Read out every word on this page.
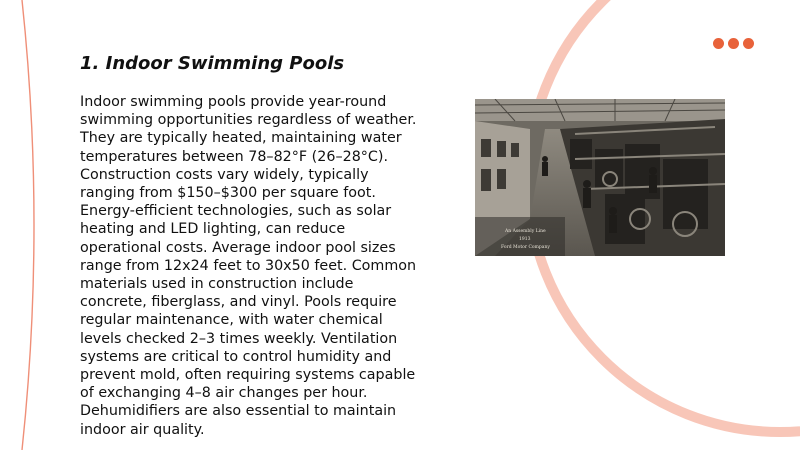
1. Indoor Swimming Pools

Indoor swimming pools provide year-round swimming opportunities regardless of weather. They are typically heated, maintaining water temperatures between 78–82°F (26–28°C). Construction costs vary widely, typically ranging from $150–$300 per square foot. Energy-efficient technologies, such as solar heating and LED lighting, can reduce operational costs. Average indoor pool sizes range from 12x24 feet to 30x50 feet. Common materials used in construction include concrete, fiberglass, and vinyl. Pools require regular maintenance, with water chemical levels checked 2–3 times weekly. Ventilation systems are critical to control humidity and prevent mold, often requiring systems capable of exchanging 4–8 air changes per hour. Dehumidifiers are also essential to maintain indoor air quality.

An Assembly Line
1913
Ford Motor Company
